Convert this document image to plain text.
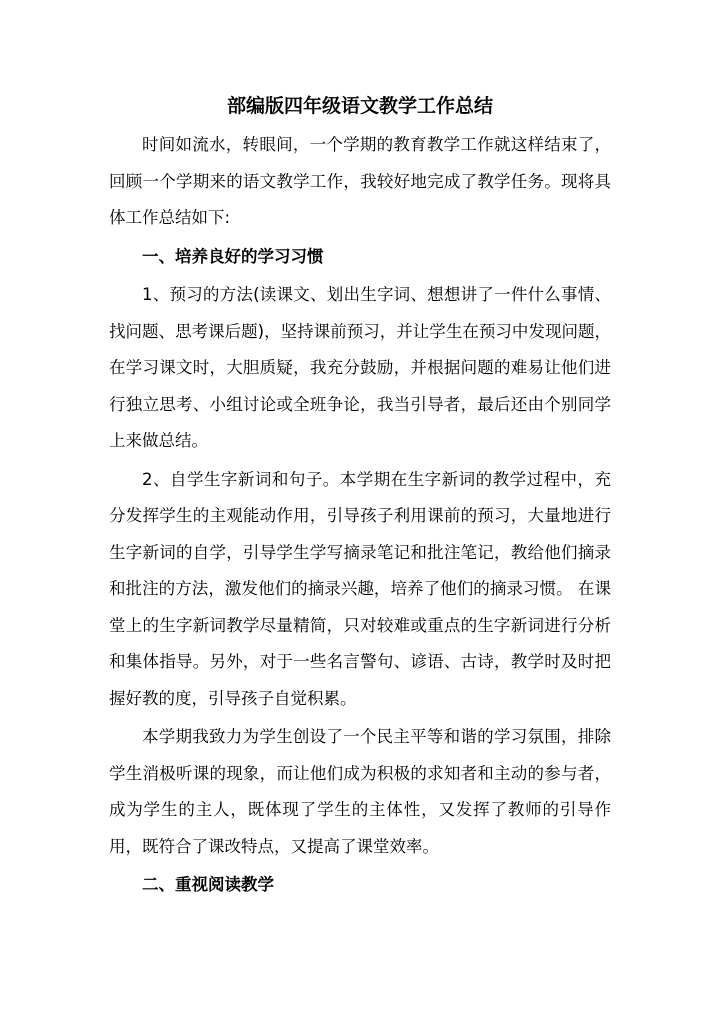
部编版四年级语文教学工作总结

时间如流水，转眼间，一个学期的教育教学工作就这样结束了，回顾一个学期来的语文教学工作，我较好地完成了教学任务。现将具体工作总结如下:

一、培养良好的学习习惯

1、预习的方法(读课文、划出生字词、想想讲了一件什么事情、找问题、思考课后题)，坚持课前预习，并让学生在预习中发现问题，在学习课文时，大胆质疑，我充分鼓励，并根据问题的难易让他们进行独立思考、小组讨论或全班争论，我当引导者，最后还由个别同学上来做总结。

2、自学生字新词和句子。本学期在生字新词的教学过程中，充分发挥学生的主观能动作用，引导孩子利用课前的预习，大量地进行生字新词的自学，引导学生学写摘录笔记和批注笔记，教给他们摘录和批注的方法，激发他们的摘录兴趣，培养了他们的摘录习惯。 在课堂上的生字新词教学尽量精简，只对较难或重点的生字新词进行分析和集体指导。另外，对于一些名言警句、谚语、古诗，教学时及时把握好教的度，引导孩子自觉积累。

本学期我致力为学生创设了一个民主平等和谐的学习氛围，排除学生消极听课的现象，而让他们成为积极的求知者和主动的参与者，成为学生的主人，既体现了学生的主体性，又发挥了教师的引导作用，既符合了课改特点，又提高了课堂效率。

二、重视阅读教学
